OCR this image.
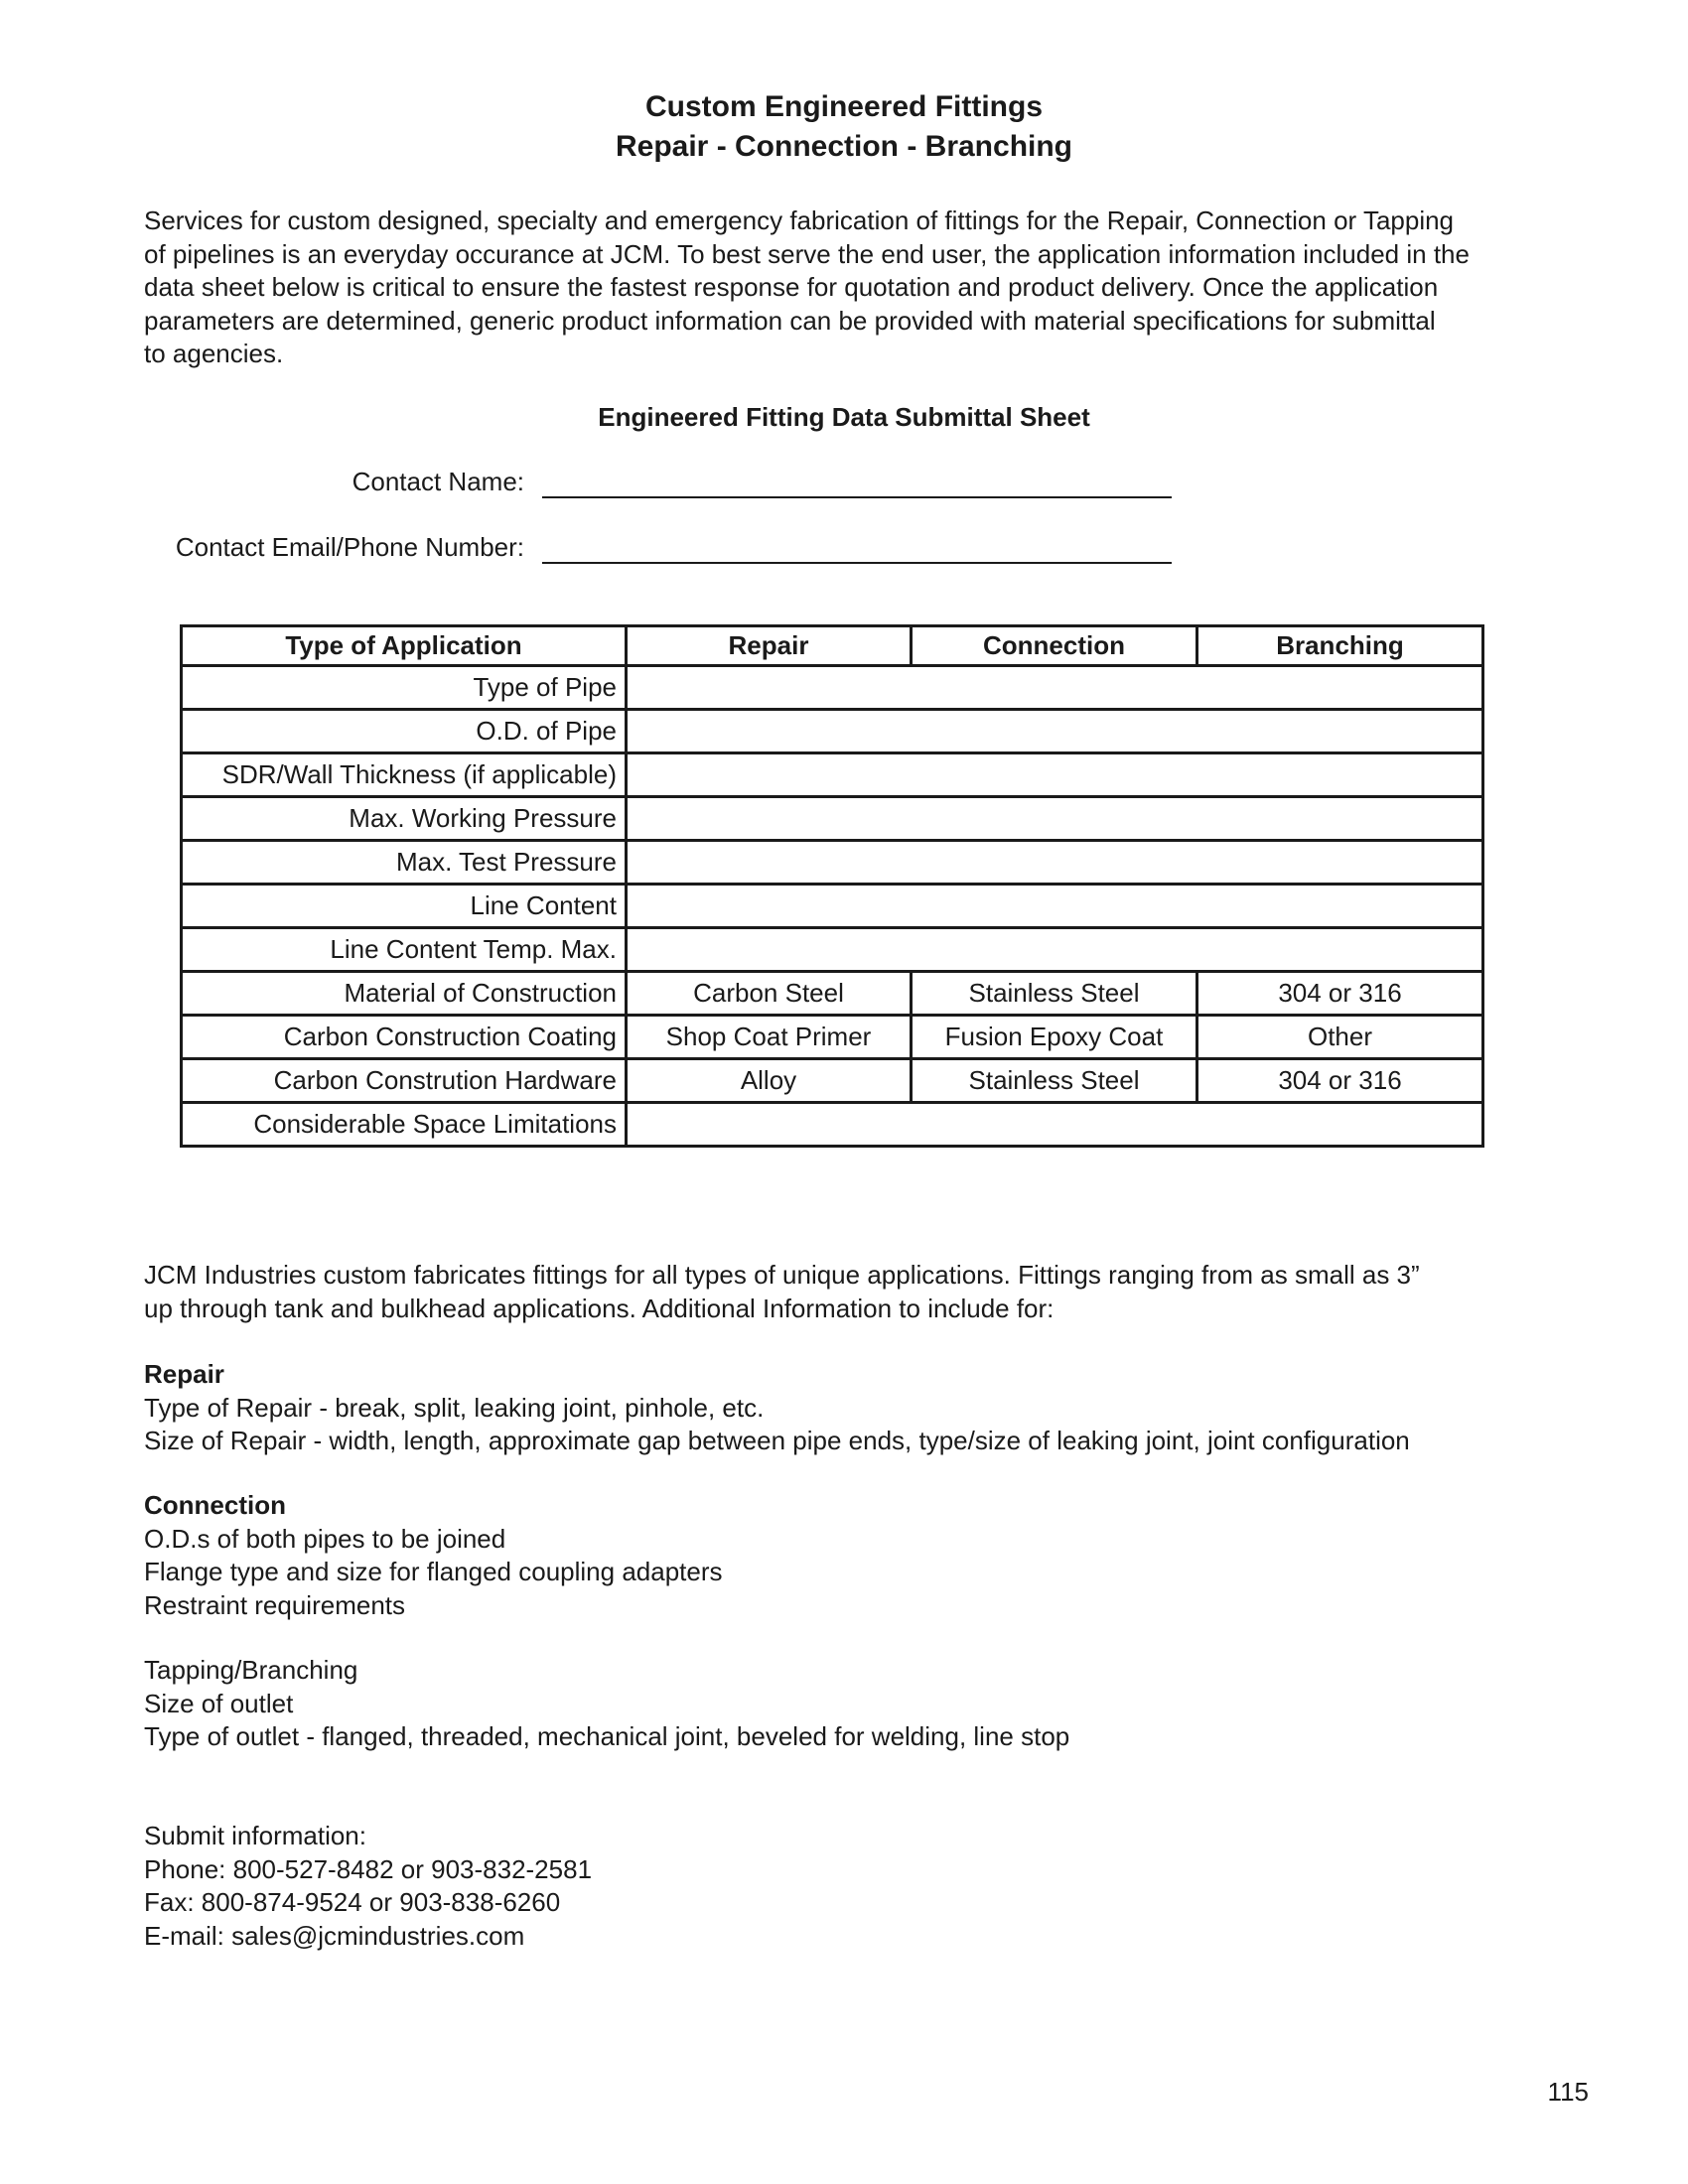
Custom Engineered Fittings
Repair - Connection - Branching
Services for custom designed, specialty and emergency fabrication of fittings for the Repair, Connection or Tapping
of pipelines is an everyday occurance at JCM. To best serve the end user, the application information included in the
data sheet below is critical to ensure the fastest response for quotation and product delivery. Once the application
parameters are determined, generic product information can be provided with material specifications for submittal
to agencies.
Engineered Fitting Data Submittal Sheet
Contact Name:
Contact Email/Phone Number:
Type of Application	Repair	Connection	Branching
Type of Pipe			
O.D. of Pipe			
SDR/Wall Thickness (if applicable)			
Max. Working Pressure			
Max. Test Pressure			
Line Content			
Line Content Temp. Max.			
Material of Construction	Carbon Steel	Stainless Steel	304 or 316
Carbon Construction Coating	Shop Coat Primer	Fusion Epoxy Coat	Other
Carbon Constrution Hardware	Alloy	Stainless Steel	304 or 316
Considerable Space Limitations			
JCM Industries custom fabricates fittings for all types of unique applications. Fittings ranging from as small as 3”
up through tank and bulkhead applications. Additional Information to include for:
Repair
Type of Repair - break, split, leaking joint, pinhole, etc.
Size of Repair - width, length, approximate gap between pipe ends, type/size of leaking joint, joint configuration
Connection
O.D.s of both pipes to be joined
Flange type and size for flanged coupling adapters
Restraint requirements
Tapping/Branching
Size of outlet
Type of outlet - flanged, threaded, mechanical joint, beveled for welding, line stop
Submit information:
Phone: 800-527-8482 or 903-832-2581
Fax: 800-874-9524 or 903-838-6260
E-mail: sales@jcmindustries.com
115
